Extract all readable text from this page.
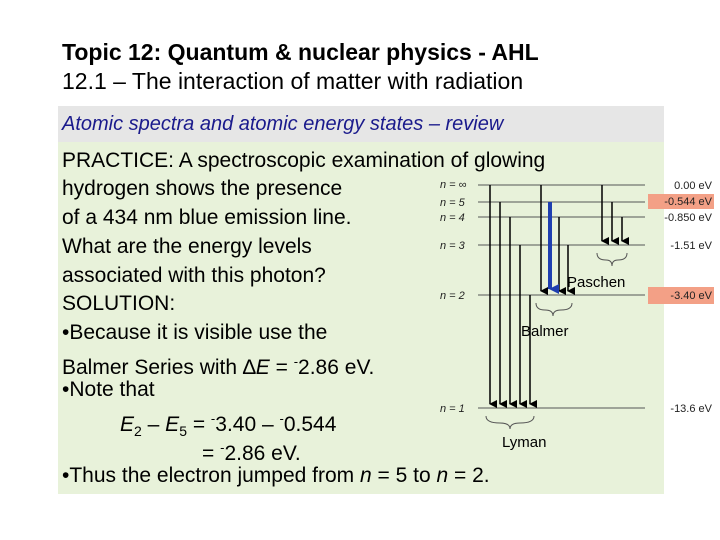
Topic 12: Quantum & nuclear physics - AHL
12.1 – The interaction of matter with radiation
Atomic spectra and atomic energy states – review
PRACTICE: A spectroscopic examination of glowing
hydrogen shows the presence
of a 434 nm blue emission line.
What are the energy levels
associated with this photon?
SOLUTION:
•Because it is visible use the
Balmer Series with ∆E = -2.86 eV.
•Note that
$E_2 - E_5 = ^-3.40 - ^-0.544$
= -2.86 eV.
•Thus the electron jumped from n = 5 to n = 2.
n = ∞
n = 5
n = 4
n = 3
n = 2
n = 1
0.00 eV
-0.544 eV
-0.850 eV
-1.51 eV
-3.40 eV
-13.6 eV
Paschen
Balmer
Lyman
